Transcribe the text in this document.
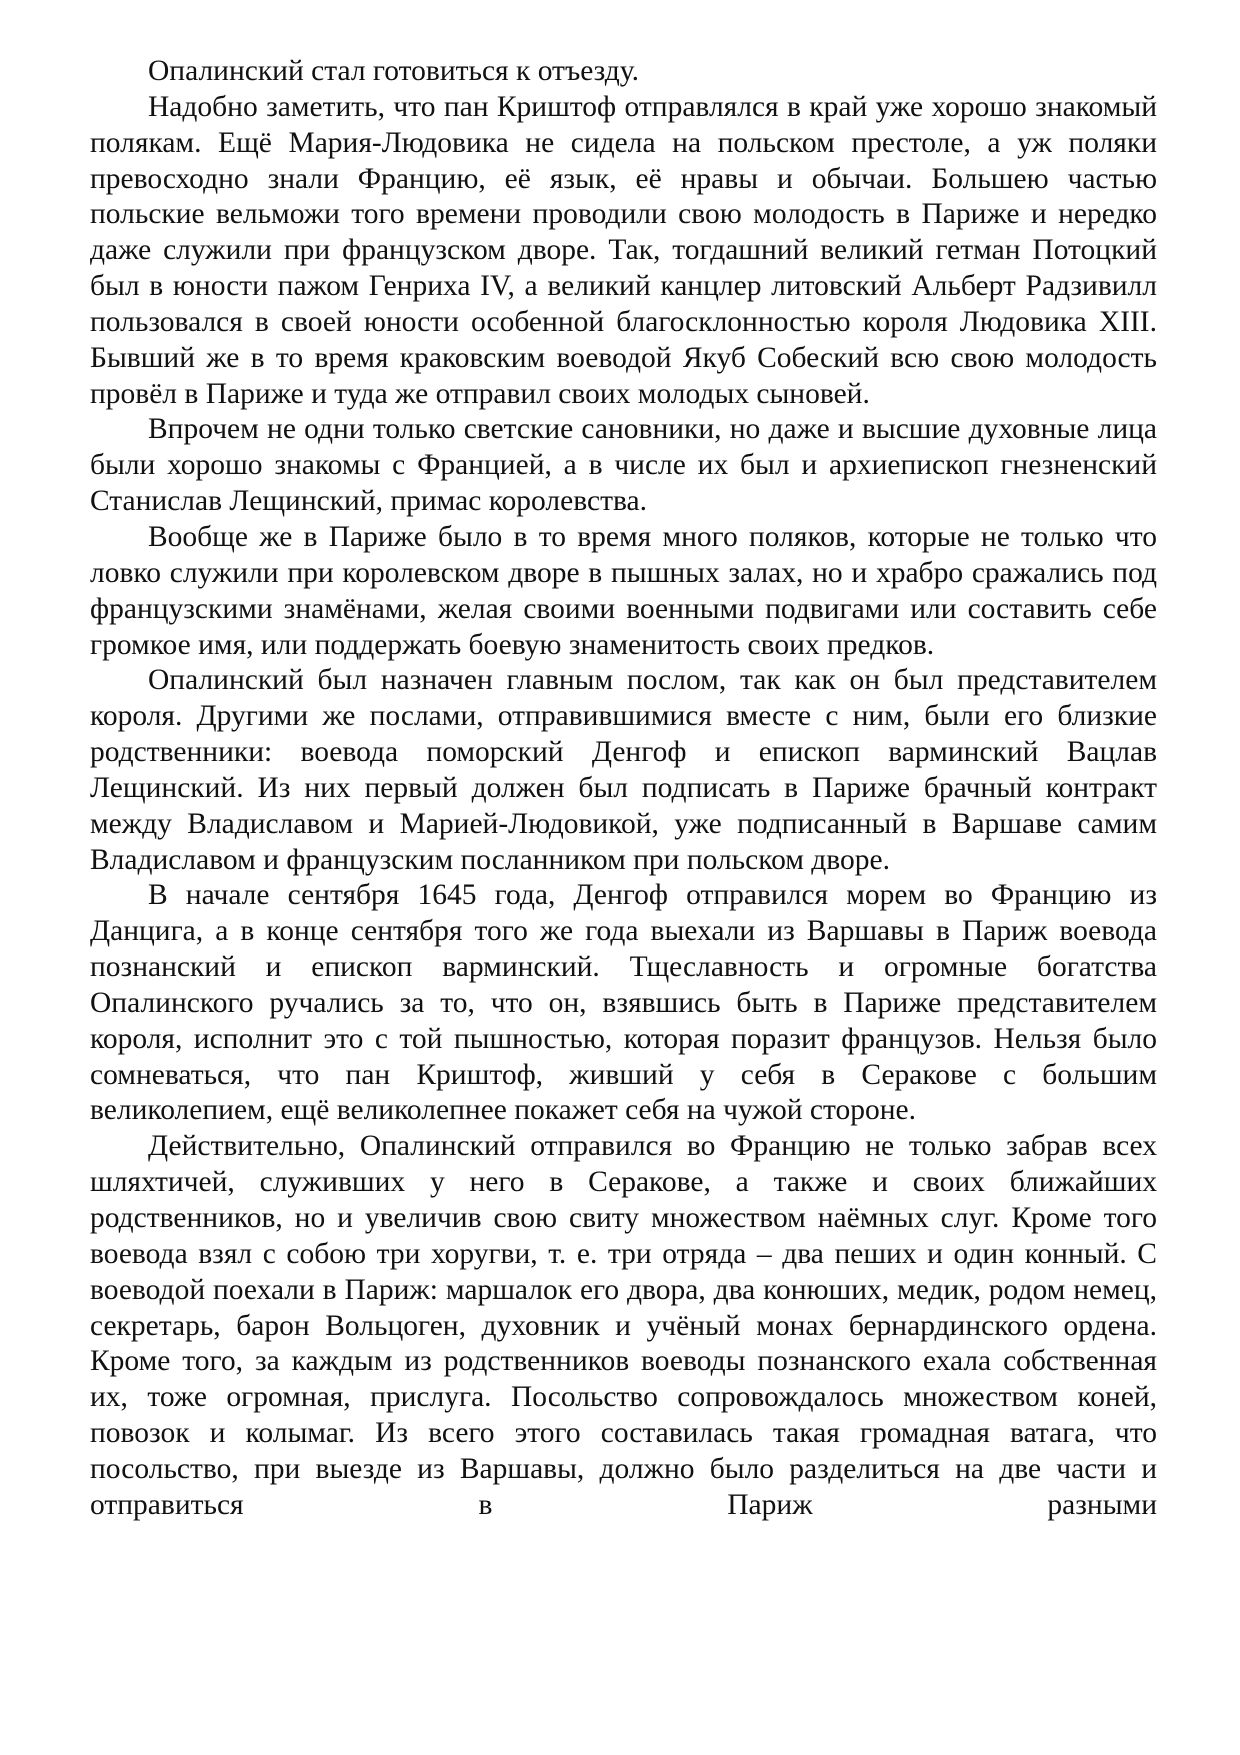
Опалинский стал готовиться к отъезду.

Надобно заметить, что пан Криштоф отправлялся в край уже хорошо знакомый полякам. Ещё Мария-Людовика не сидела на польском престоле, а уж поляки превосходно знали Францию, её язык, её нравы и обычаи. Большею частью польские вельможи того времени проводили свою молодость в Париже и нередко даже служили при французском дворе. Так, тогдашний великий гетман Потоцкий был в юности пажом Генриха IV, а великий канцлер литовский Альберт Радзивилл пользовался в своей юности особенной благосклонностью короля Людовика XIII. Бывший же в то время краковским воеводой Якуб Собеский всю свою молодость провёл в Париже и туда же отправил своих молодых сыновей.

Впрочем не одни только светские сановники, но даже и высшие духовные лица были хорошо знакомы с Францией, а в числе их был и архиепископ гнезненский Станислав Лещинский, примас королевства.

Вообще же в Париже было в то время много поляков, которые не только что ловко служили при королевском дворе в пышных залах, но и храбро сражались под французскими знамёнами, желая своими военными подвигами или составить себе громкое имя, или поддержать боевую знаменитость своих предков.

Опалинский был назначен главным послом, так как он был представителем короля. Другими же послами, отправившимися вместе с ним, были его близкие родственники: воевода поморский Денгоф и епископ варминский Вацлав Лещинский. Из них первый должен был подписать в Париже брачный контракт между Владиславом и Марией-Людовикой, уже подписанный в Варшаве самим Владиславом и французским посланником при польском дворе.

В начале сентября 1645 года, Денгоф отправился морем во Францию из Данцига, а в конце сентября того же года выехали из Варшавы в Париж воевода познанский и епископ варминский. Тщеславность и огромные богатства Опалинского ручались за то, что он, взявшись быть в Париже представителем короля, исполнит это с той пышностью, которая поразит французов. Нельзя было сомневаться, что пан Криштоф, живший у себя в Серакове с большим великолепием, ещё великолепнее покажет себя на чужой стороне.

Действительно, Опалинский отправился во Францию не только забрав всех шляхтичей, служивших у него в Серакове, а также и своих ближайших родственников, но и увеличив свою свиту множеством наёмных слуг. Кроме того воевода взял с собою три хоругви, т. е. три отряда – два пеших и один конный. С воеводой поехали в Париж: маршалок его двора, два конюших, медик, родом немец, секретарь, барон Вольцоген, духовник и учёный монах бернардинского ордена. Кроме того, за каждым из родственников воеводы познанского ехала собственная их, тоже огромная, прислуга. Посольство сопровождалось множеством коней, повозок и колымаг. Из всего этого составилась такая громадная ватага, что посольство, при выезде из Варшавы, должно было разделиться на две части и отправиться в Париж разными
